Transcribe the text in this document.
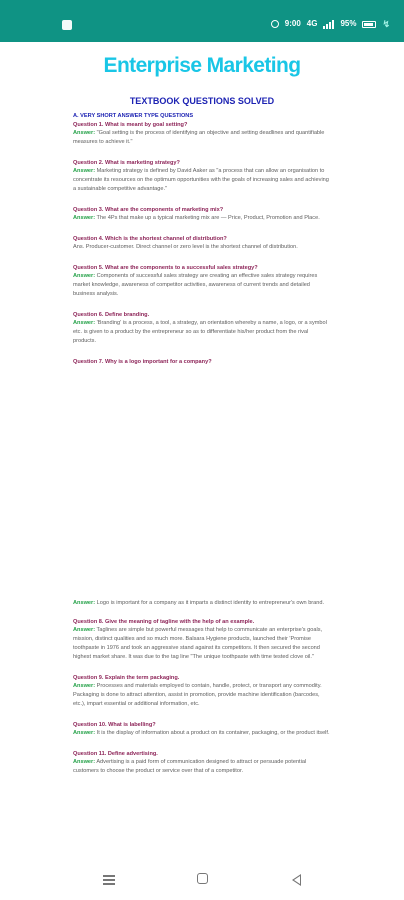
9:00 4G	95%	↯
Enterprise Marketing
TEXTBOOK QUESTIONS SOLVED
A. VERY SHORT ANSWER TYPE QUESTIONS
Question 1. What is meant by goal setting?
Answer: "Goal setting is the process of identifying an objective and setting deadlines and quantifiable measures to achieve it."
Question 2. What is marketing strategy?
Answer: Marketing strategy is defined by David Aaker as "a process that can allow an organisation to concentrate its resources on the optimum opportunities with the goals of increasing sales and achieving a sustainable competitive advantage."
Question 3. What are the components of marketing mix?
Answer: The 4Ps that make up a typical marketing mix are — Price, Product, Promotion and Place.
Question 4. Which is the shortest channel of distribution?
Ans. Producer-customer. Direct channel or zero level is the shortest channel of distribution.
Question 5. What are the components to a successful sales strategy?
Answer: Components of successful sales strategy are creating an effective sales strategy requires market knowledge, awareness of competitor activities, awareness of current trends and detailed business analysis.
Question 6. Define branding.
Answer: 'Branding' is a process, a tool, a strategy, an orientation whereby a name, a logo, or a symbol etc. is given to a product by the entrepreneur so as to differentiate his/her product from the rival products.
Question 7. Why is a logo important for a company?
Answer: Logo is important for a company as it imparts a distinct identity to entrepreneur's own brand.
Question 8. Give the meaning of tagline with the help of an example.
Answer: Taglines are simple but powerful messages that help to communicate an enterprise's goals, mission, distinct qualities and so much more. Balsara Hygiene products, launched their 'Promise toothpaste in 1976 and took an aggressive stand against its competitors. It then secured the second highest market share. It was due to the tag line "The unique toothpaste with time tested clove oil."
Question 9. Explain the term packaging.
Answer: Processes and materials employed to contain, handle, protect, or transport any commodity. Packaging is done to attract attention, assist in promotion, provide machine identification (barcodes, etc.), impart essential or additional information, etc.
Question 10. What is labelling?
Answer: It is the display of information about a product on its container, packaging, or the product itself.
Question 11. Define advertising.
Answer: Advertising is a paid form of communication designed to attract or persuade potential customers to choose the product or service over that of a competitor.
